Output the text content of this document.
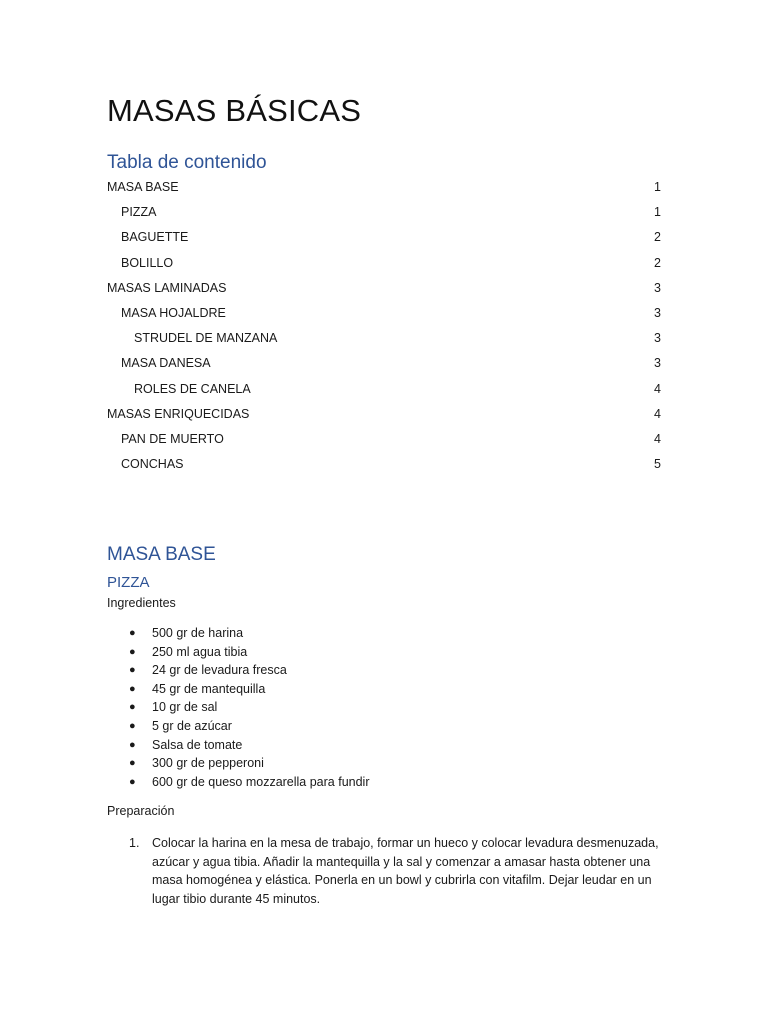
MASAS BÁSICAS
Tabla de contenido
MASA BASE	1
PIZZA	1
BAGUETTE	2
BOLILLO	2
MASAS LAMINADAS	3
MASA HOJALDRE	3
STRUDEL DE MANZANA	3
MASA DANESA	3
ROLES DE CANELA	4
MASAS ENRIQUECIDAS	4
PAN DE MUERTO	4
CONCHAS	5
MASA BASE
PIZZA

Ingredientes

● 500 gr de harina
● 250 ml agua tibia
● 24 gr de levadura fresca
● 45 gr de mantequilla
● 10 gr de sal
● 5 gr de azúcar
● Salsa de tomate
● 300 gr de pepperoni
● 600 gr de queso mozzarella para fundir

Preparación

1. Colocar la harina en la mesa de trabajo, formar un hueco y colocar levadura desmenuzada, azúcar y agua tibia. Añadir la mantequilla y la sal y comenzar a amasar hasta obtener una masa homogénea y elástica. Ponerla en un bowl y cubrirla con vitafilm. Dejar leudar en un lugar tibio durante 45 minutos.
